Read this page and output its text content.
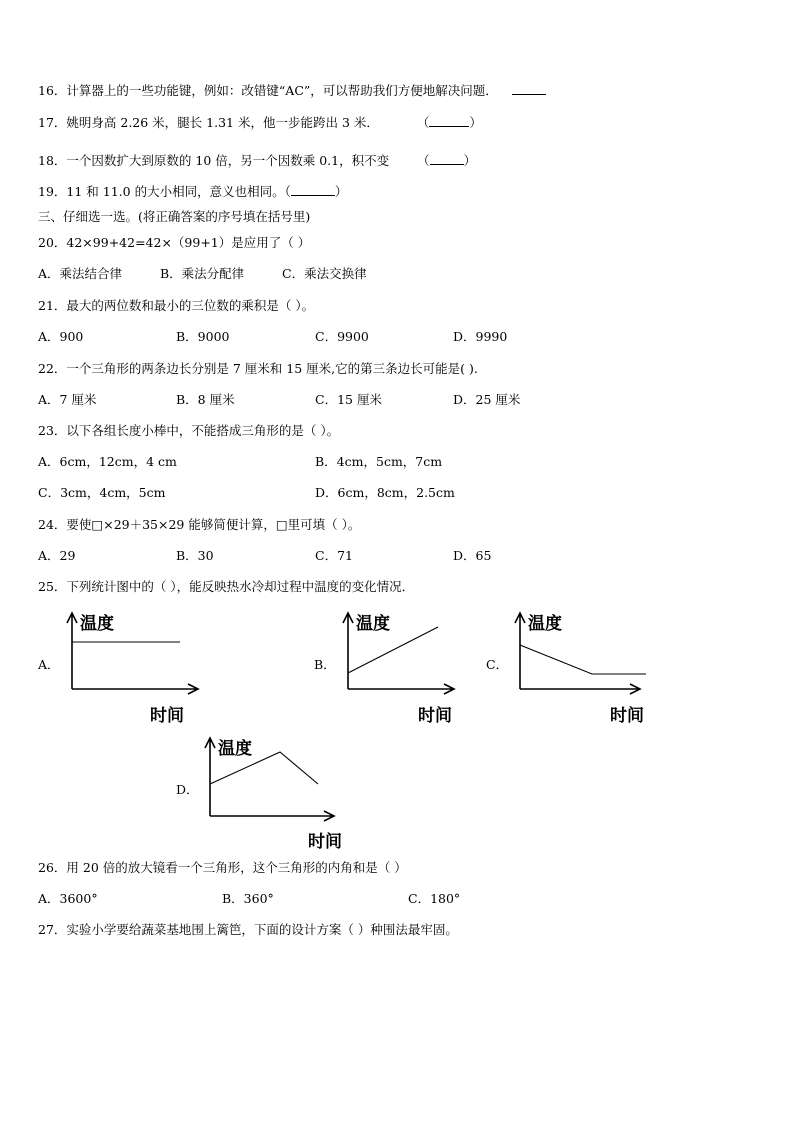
16．计算器上的一些功能键，例如：改错键“AC”，可以帮助我们方便地解决问题．
17．姚明身高 2.26 米，腿长 1.31 米，他一步能跨出 3 米．	（	）
18．一个因数扩大到原数的 10 倍，另一个因数乘 0.1，积不变 （	）
19．11 和 11.0 的大小相同，意义也相同。（	）
三、仔细选一选。(将正确答案的序号填在括号里)
20．42×99+42=42×（99+1）是应用了（ ）
A．乘法结合律	B．乘法分配律	C．乘法交换律
21．最大的两位数和最小的三位数的乘积是（ ）。
A．900	B．9000	C．9900	D．9990
22．一个三角形的两条边长分别是 7 厘米和 15 厘米,它的第三条边长可能是( ).
A．7 厘米	B．8 厘米	C．15 厘米	D．25 厘米
23．以下各组长度小棒中，不能搭成三角形的是（ ）。
A．6cm，12cm，4 cm	B．4cm，5cm，7cm
C．3cm，4cm，5cm	D．6cm，8cm，2.5cm
24．要使□×29＋35×29 能够简便计算，□里可填（ ）。
A．29	B．30	C．71	D．65
25．下列统计图中的（ ），能反映热水冷却过程中温度的变化情况．
A．
温度
时间
B．
温度
时间
C．
温度
时间
D．
温度
时间
26．用 20 倍的放大镜看一个三角形，这个三角形的内角和是（ ）
A．3600°	B．360°	C．180°
27．实验小学要给蔬菜基地围上篱笆，下面的设计方案（ ）种围法最牢固。
